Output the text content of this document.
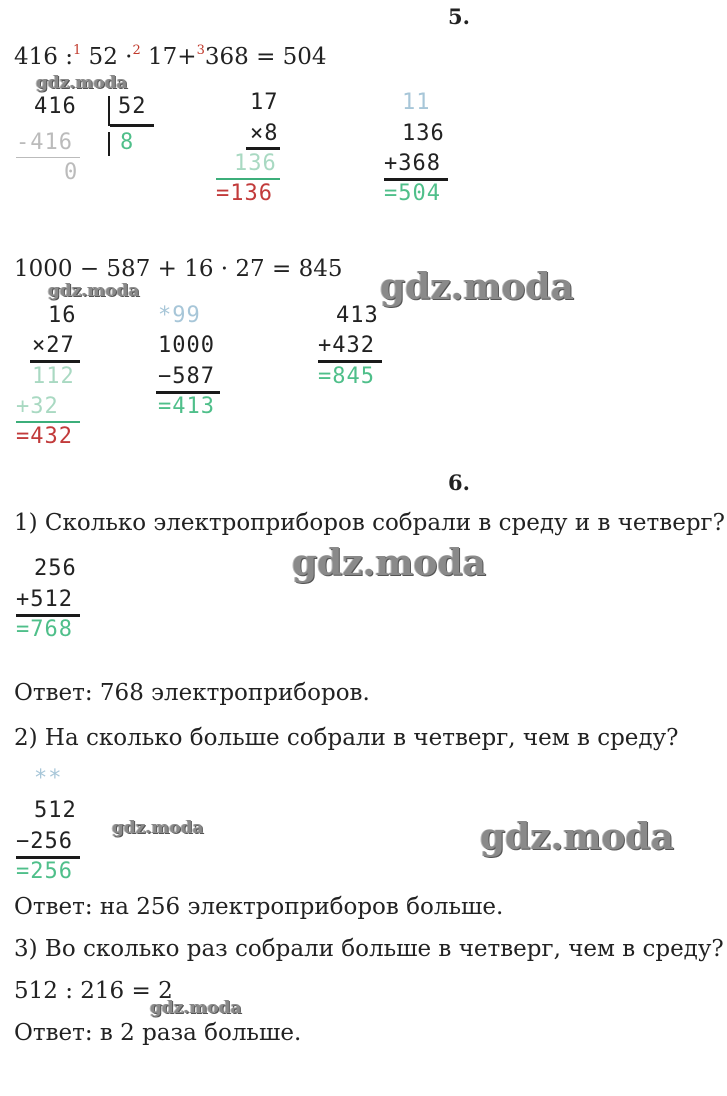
5.
416 :$^1$ 52 ·$^2$ 17+$^3$368 = 504
gdz.moda
416 52
-416 8
0
17
×8
136
=136
11
136
+368
=504
1000 − 587 + 16 · 27 = 845
gdz.moda	gdz.moda
16
×27
112
+32
=432
*99
1000
−587
=413
413
+432
=845
6.
1) Сколько электроприборов собрали в среду и в четверг?
gdz.moda
256
+512
=768
Ответ: 768 электроприборов.
2) На сколько больше собрали в четверг, чем в среду?
**
512
−256
=256
gdz.moda	gdz.moda
Ответ: на 256 электроприборов больше.
3) Во сколько раз собрали больше в четверг, чем в среду?
512 : 216 = 2
gdz.moda
Ответ: в 2 раза больше.
